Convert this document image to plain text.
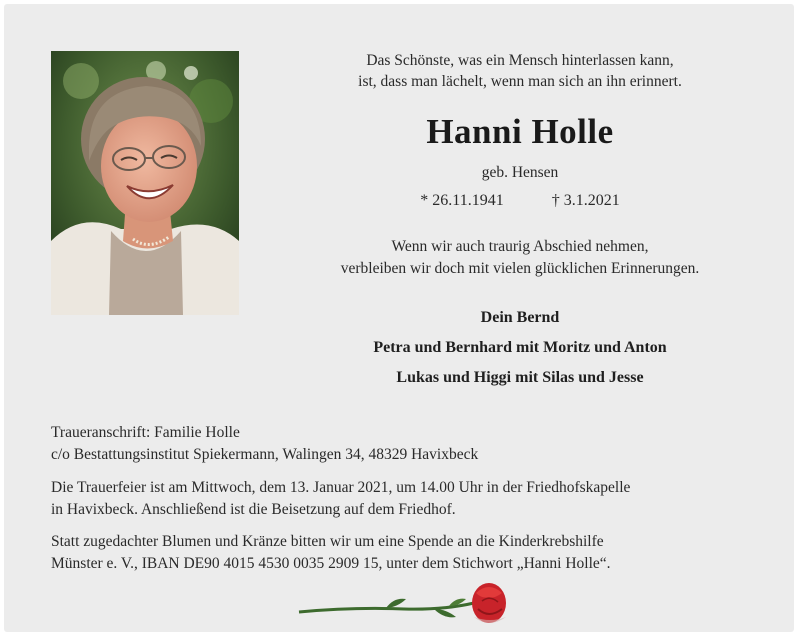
Das Schönste, was ein Mensch hinterlassen kann,
ist, dass man lächelt, wenn man sich an ihn erinnert.
Hanni Holle
geb. Hensen
* 26.11.1941	† 3.1.2021
Wenn wir auch traurig Abschied nehmen,
verbleiben wir doch mit vielen glücklichen Erinnerungen.
Dein Bernd
Petra und Bernhard mit Moritz und Anton
Lukas und Higgi mit Silas und Jesse
Traueranschrift: Familie Holle
c/o Bestattungsinstitut Spiekermann, Walingen 34, 48329 Havixbeck
Die Trauerfeier ist am Mittwoch, dem 13. Januar 2021, um 14.00 Uhr in der Friedhofskapelle
in Havixbeck. Anschließend ist die Beisetzung auf dem Friedhof.
Statt zugedachter Blumen und Kränze bitten wir um eine Spende an die Kinderkrebshilfe
Münster e. V., IBAN DE90 4015 4530 0035 2909 15, unter dem Stichwort „Hanni Holle“.
